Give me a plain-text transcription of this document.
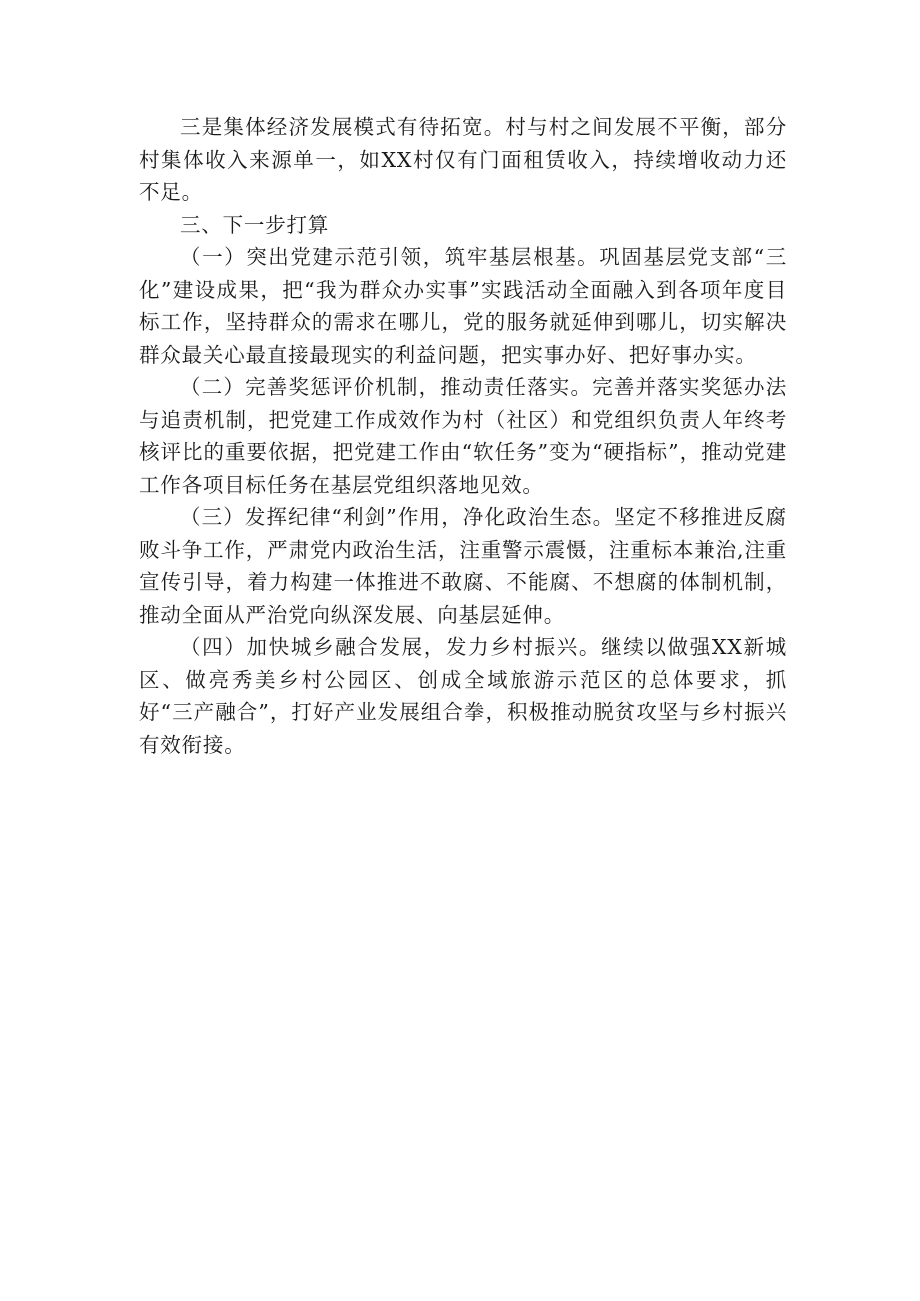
三是集体经济发展模式有待拓宽。村与村之间发展不平衡，部分村集体收入来源单一，如XX村仅有门面租赁收入，持续增收动力还不足。

三、下一步打算

（一）突出党建示范引领，筑牢基层根基。巩固基层党支部“三化”建设成果，把“我为群众办实事”实践活动全面融入到各项年度目标工作，坚持群众的需求在哪儿，党的服务就延伸到哪儿，切实解决群众最关心最直接最现实的利益问题，把实事办好、把好事办实。

（二）完善奖惩评价机制，推动责任落实。完善并落实奖惩办法与追责机制，把党建工作成效作为村（社区）和党组织负责人年终考核评比的重要依据，把党建工作由“软任务”变为“硬指标”，推动党建工作各项目标任务在基层党组织落地见效。

（三）发挥纪律“利剑”作用，净化政治生态。坚定不移推进反腐败斗争工作，严肃党内政治生活，注重警示震慑，注重标本兼治,注重宣传引导，着力构建一体推进不敢腐、不能腐、不想腐的体制机制，推动全面从严治党向纵深发展、向基层延伸。

（四）加快城乡融合发展，发力乡村振兴。继续以做强XX新城区、做亮秀美乡村公园区、创成全域旅游示范区的总体要求，抓好“三产融合”，打好产业发展组合拳，积极推动脱贫攻坚与乡村振兴有效衔接。
